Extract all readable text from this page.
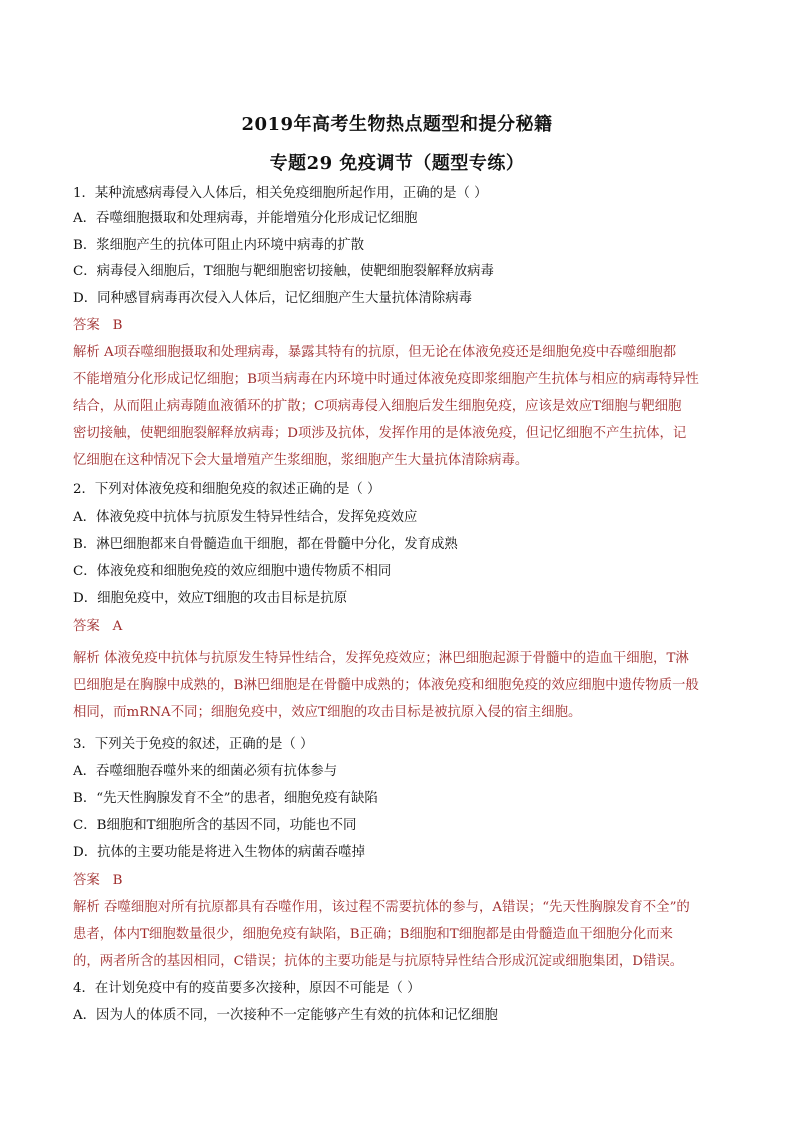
2019年高考生物热点题型和提分秘籍
专题29 免疫调节（题型专练）
1．某种流感病毒侵入人体后，相关免疫细胞所起作用，正确的是（ ）
A．吞噬细胞摄取和处理病毒，并能增殖分化形成记忆细胞
B．浆细胞产生的抗体可阻止内环境中病毒的扩散
C．病毒侵入细胞后，T细胞与靶细胞密切接触，使靶细胞裂解释放病毒
D．同种感冒病毒再次侵入人体后，记忆细胞产生大量抗体清除病毒
答案 B
解析 A项吞噬细胞摄取和处理病毒，暴露其特有的抗原，但无论在体液免疫还是细胞免疫中吞噬细胞都
不能增殖分化形成记忆细胞；B项当病毒在内环境中时通过体液免疫即浆细胞产生抗体与相应的病毒特异性
结合，从而阻止病毒随血液循环的扩散；C项病毒侵入细胞后发生细胞免疫，应该是效应T细胞与靶细胞
密切接触，使靶细胞裂解释放病毒；D项涉及抗体，发挥作用的是体液免疫，但记忆细胞不产生抗体，记
忆细胞在这种情况下会大量增殖产生浆细胞，浆细胞产生大量抗体清除病毒。
2．下列对体液免疫和细胞免疫的叙述正确的是（ ）
A．体液免疫中抗体与抗原发生特异性结合，发挥免疫效应
B．淋巴细胞都来自骨髓造血干细胞，都在骨髓中分化，发育成熟
C．体液免疫和细胞免疫的效应细胞中遗传物质不相同
D．细胞免疫中，效应T细胞的攻击目标是抗原
答案 A
解析 体液免疫中抗体与抗原发生特异性结合，发挥免疫效应；淋巴细胞起源于骨髓中的造血干细胞，T淋
巴细胞是在胸腺中成熟的，B淋巴细胞是在骨髓中成熟的；体液免疫和细胞免疫的效应细胞中遗传物质一般
相同，而mRNA不同；细胞免疫中，效应T细胞的攻击目标是被抗原入侵的宿主细胞。
3．下列关于免疫的叙述，正确的是（ ）
A．吞噬细胞吞噬外来的细菌必须有抗体参与
B．“先天性胸腺发育不全”的患者，细胞免疫有缺陷
C．B细胞和T细胞所含的基因不同，功能也不同
D．抗体的主要功能是将进入生物体的病菌吞噬掉
答案 B
解析 吞噬细胞对所有抗原都具有吞噬作用，该过程不需要抗体的参与，A错误；“先天性胸腺发育不全”的
患者，体内T细胞数量很少，细胞免疫有缺陷，B正确；B细胞和T细胞都是由骨髓造血干细胞分化而来
的，两者所含的基因相同，C错误；抗体的主要功能是与抗原特异性结合形成沉淀或细胞集团，D错误。
4．在计划免疫中有的疫苗要多次接种，原因不可能是（ ）
A．因为人的体质不同，一次接种不一定能够产生有效的抗体和记忆细胞
